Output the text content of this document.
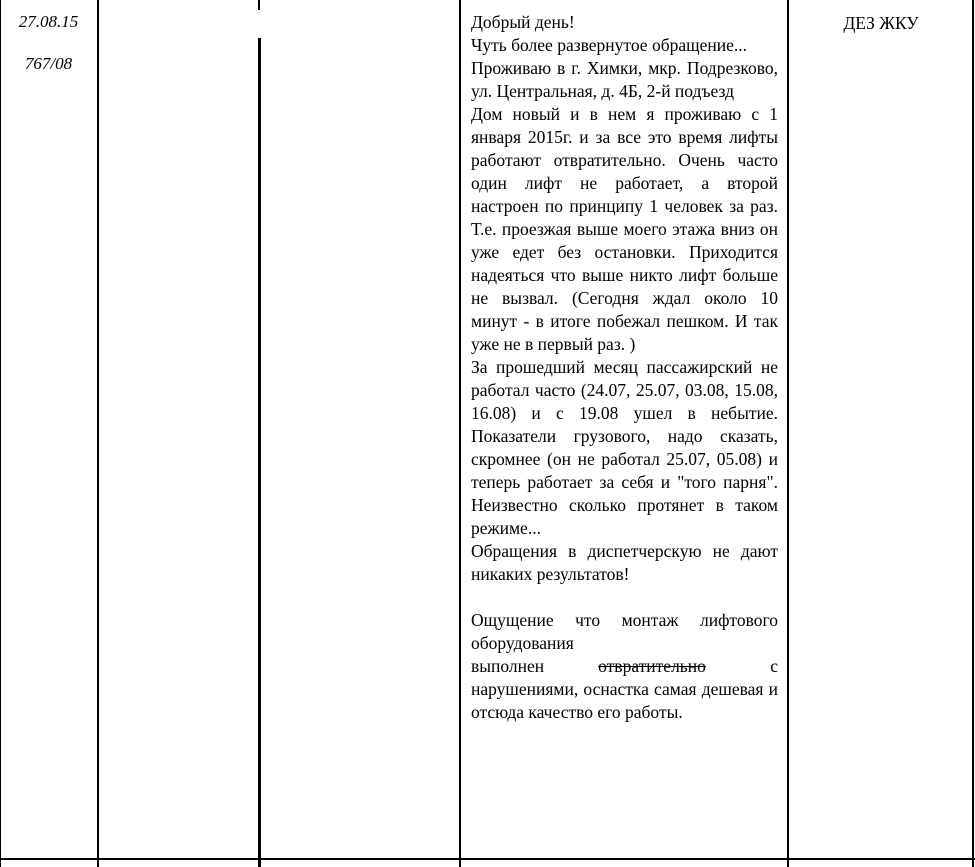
27.08.15
767/08
Добрый день!
Чуть более развернутое обращение...
Проживаю в г. Химки, мкр. Подрезково, ул. Центральная, д. 4Б, 2-й подъезд
Дом новый и в нем я проживаю с 1 января 2015г. и за все это время лифты работают отвратительно. Очень часто один лифт не работает, а второй настроен по принципу 1 человек за раз. Т.е. проезжая выше моего этажа вниз он уже едет без остановки. Приходится надеяться что выше никто лифт больше не вызвал. (Сегодня ждал около 10 минут - в итоге побежал пешком. И так уже не в первый раз. )
За прошедший месяц пассажирский не работал часто (24.07, 25.07, 03.08, 15.08, 16.08) и с 19.08 ушел в небытие. Показатели грузового, надо сказать, скромнее (он не работал 25.07, 05.08) и теперь работает за себя и "того парня". Неизвестно сколько протянет в таком режиме...
Обращения в диспетчерскую не дают никаких результатов!
Ощущение что монтаж лифтового оборудования
выполнен	отвратительно	с нарушениями, оснастка самая дешевая и отсюда качество его работы.
ДЕЗ ЖКУ
